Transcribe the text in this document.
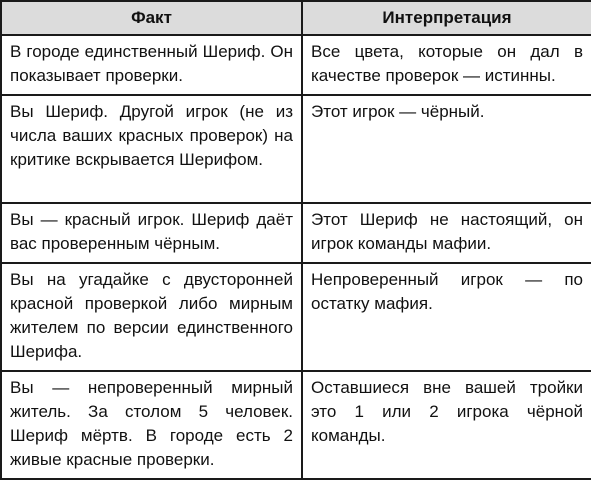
Факт	Интерпретация

В городе единственный Шериф. Он показывает проверки.	Все цвета, которые он дал в качестве проверок — истинны.

Вы Шериф. Другой игрок (не из числа ваших красных проверок) на критике вскрывается Шерифом.	Этот игрок — чёрный.

Вы — красный игрок. Шериф даёт вас проверенным чёрным.	Этот Шериф не настоящий, он игрок команды мафии.

Вы на угадайке с двусторонней красной проверкой либо мирным жителем по версии единственного Шерифа.	Непроверенный игрок — по остатку мафия.

Вы — непроверенный мирный житель. За столом 5 человек. Шериф мёртв. В городе есть 2 живые красные проверки.	Оставшиеся вне вашей тройки это 1 или 2 игрока чёрной команды.
